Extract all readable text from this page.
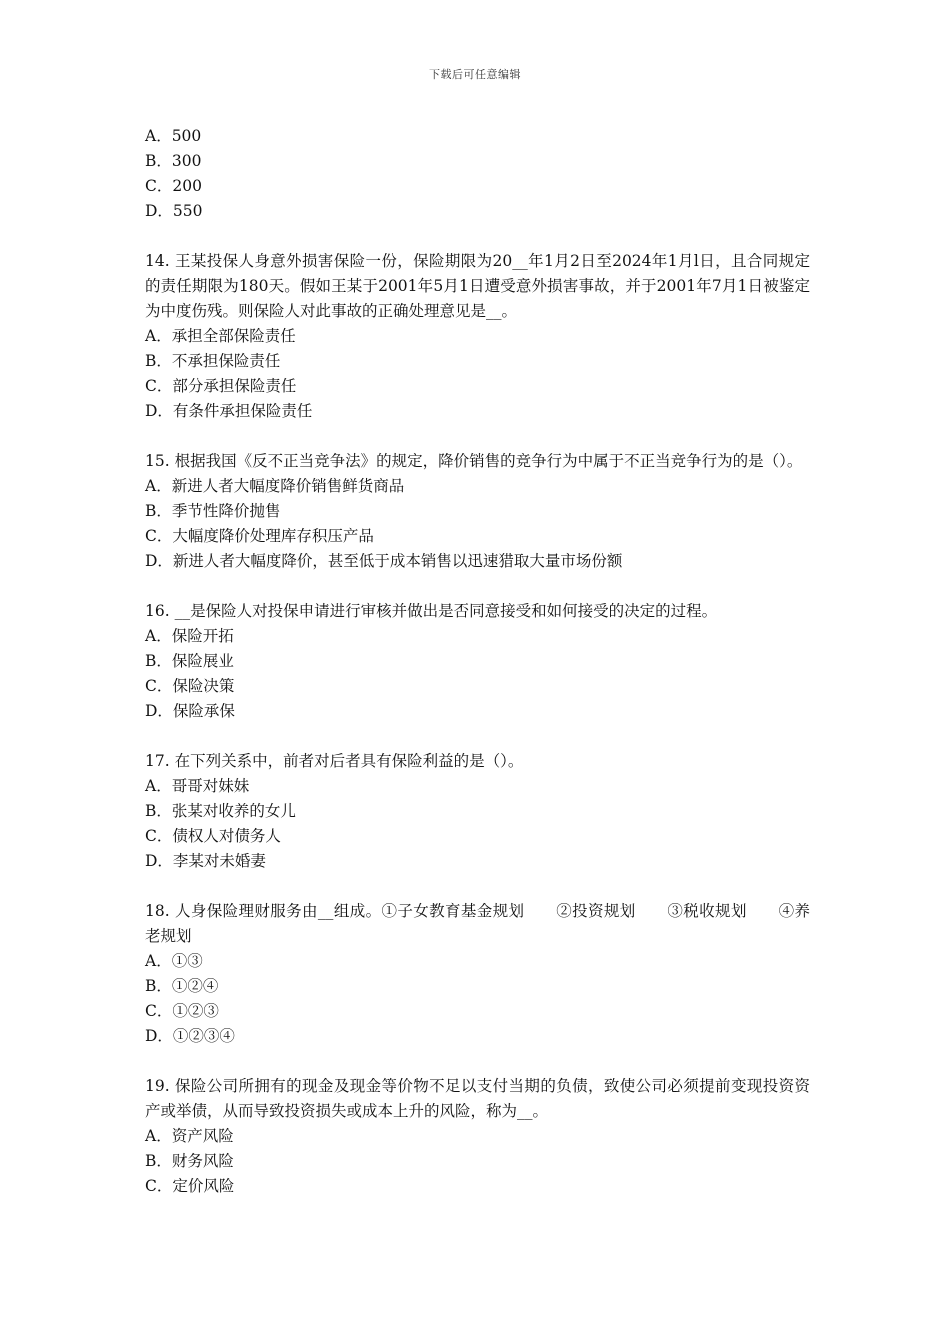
下载后可任意编辑

A．500

B．300

C．200

D．550

14. 王某投保人身意外损害保险一份，保险期限为20__年1月2日至2024年1月l日，且合同规定的责任期限为180天。假如王某于2001年5月1日遭受意外损害事故，并于2001年7月1日被鉴定为中度伤残。则保险人对此事故的正确处理意见是__。

A．承担全部保险责任

B．不承担保险责任

C．部分承担保险责任

D．有条件承担保险责任

15. 根据我国《反不正当竞争法》的规定，降价销售的竞争行为中属于不正当竞争行为的是（）。

A．新进人者大幅度降价销售鲜货商品

B．季节性降价抛售

C．大幅度降价处理库存积压产品

D．新进人者大幅度降价，甚至低于成本销售以迅速猎取大量市场份额

16. __是保险人对投保申请进行审核并做出是否同意接受和如何接受的决定的过程。

A．保险开拓

B．保险展业

C．保险决策

D．保险承保

17. 在下列关系中，前者对后者具有保险利益的是（）。

A．哥哥对妹妹

B．张某对收养的女儿

C．债权人对债务人

D．李某对未婚妻

18. 人身保险理财服务由__组成。①子女教育基金规划　　②投资规划　　③税收规划　　④养老规划

A．①③

B．①②④

C．①②③

D．①②③④

19. 保险公司所拥有的现金及现金等价物不足以支付当期的负债，致使公司必须提前变现投资资产或举债，从而导致投资损失或成本上升的风险，称为__。

A．资产风险

B．财务风险

C．定价风险
